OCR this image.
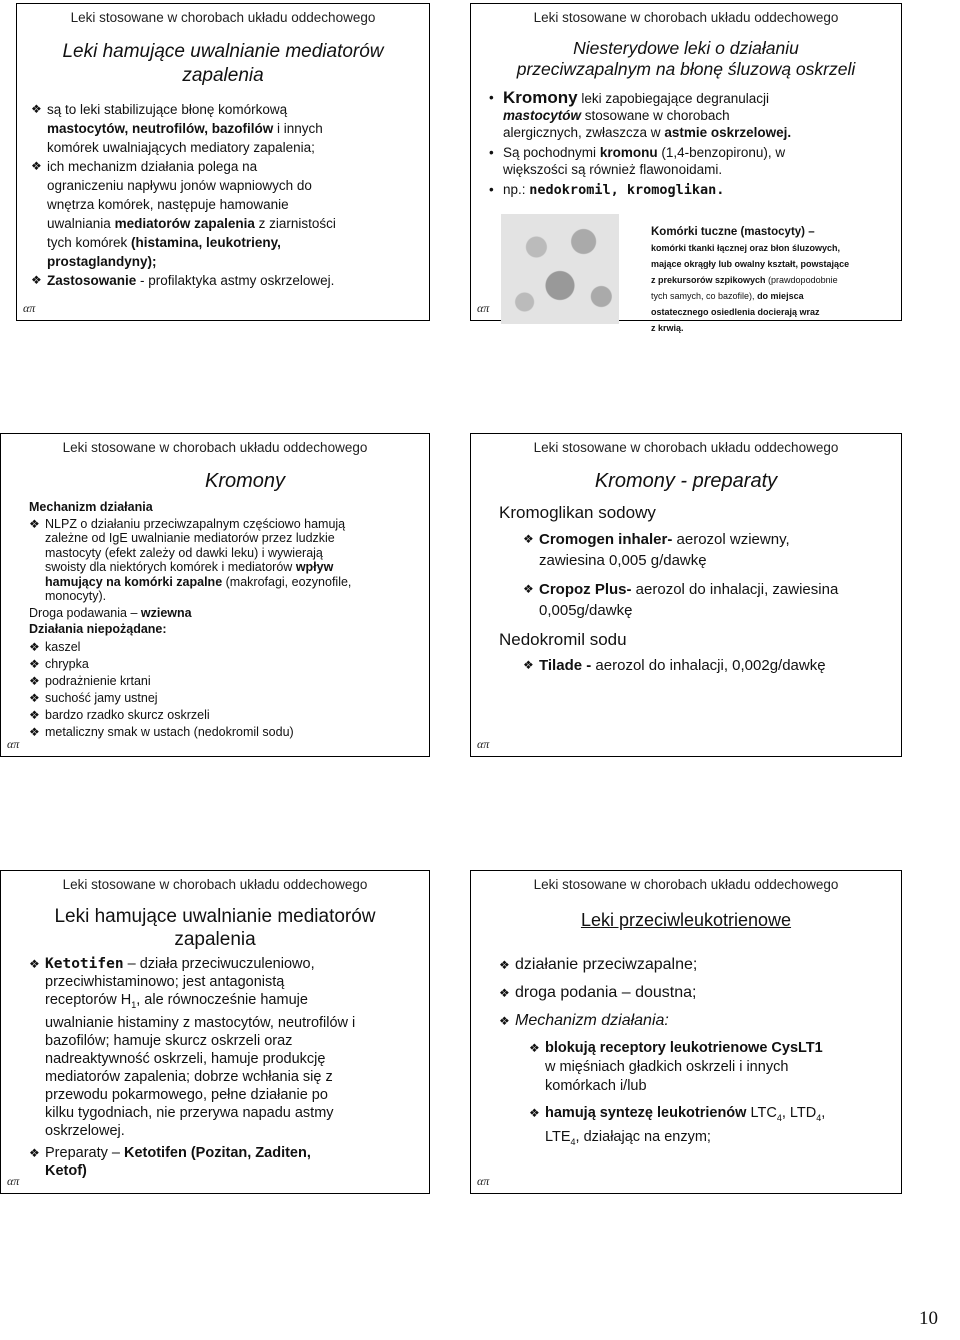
Leki stosowane w chorobach układu oddechowego
Leki hamujące uwalnianie mediatorów
zapalenia
❖
są to leki stabilizujące błonę komórkową
mastocytów, neutrofilów, bazofilów i innych
komórek uwalniających mediatory zapalenia;
❖
ich mechanizm działania polega na
ograniczeniu napływu jonów wapniowych do
wnętrza komórek, następuje hamowanie
uwalniania mediatorów zapalenia z ziarnistości
tych komórek (histamina, leukotrieny,
prostaglandyny);
❖
Zastosowanie - profilaktyka astmy oskrzelowej.
απ
Leki stosowane w chorobach układu oddechowego
Niesterydowe leki o działaniu
przeciwzapalnym na błonę śluzową oskrzeli
•
Kromony leki zapobiegające degranulacji
mastocytów stosowane w chorobach
alergicznych, zwłaszcza w astmie oskrzelowej.
•
Są pochodnymi kromonu (1,4-benzopironu), w
większości są również flawonoidami.
•
np.: nedokromil, kromoglikan.
Komórki tuczne (mastocyty) –
komórki tkanki łącznej oraz błon śluzowych,
mające okrągły lub owalny kształt, powstające
z prekursorów szpikowych (prawdopodobnie
tych samych, co bazofile), do miejsca
ostatecznego osiedlenia docierają wraz
z krwią.
απ
Leki stosowane w chorobach układu oddechowego
Kromony
Mechanizm działania
❖
NLPZ o działaniu przeciwzapalnym częściowo hamują
zależne od IgE uwalnianie mediatorów przez ludzkie
mastocyty (efekt zależy od dawki leku) i wywierają
swoisty dla niektórych komórek i mediatorów wpływ
hamujący na komórki zapalne (makrofagi, eozynofile,
monocyty).
Droga podawania – wziewna
Działania niepożądane:
❖
kaszel
❖
chrypka
❖
podrażnienie krtani
❖
suchość jamy ustnej
❖
bardzo rzadko skurcz oskrzeli
❖
metaliczny smak w ustach (nedokromil sodu)
απ
Leki stosowane w chorobach układu oddechowego
Kromony - preparaty
Kromoglikan sodowy
❖
Cromogen inhaler- aerozol wziewny,
zawiesina 0,005 g/dawkę
❖
Cropoz Plus- aerozol do inhalacji, zawiesina
0,005g/dawkę
Nedokromil sodu
❖
Tilade - aerozol do inhalacji, 0,002g/dawkę
απ
Leki stosowane w chorobach układu oddechowego
Leki hamujące uwalnianie mediatorów
zapalenia
❖
Ketotifen – działa przeciwuczuleniowo,
przeciwhistaminowo; jest antagonistą
receptorów $H_1$, ale równocześnie hamuje
uwalnianie histaminy z mastocytów, neutrofilów i
bazofilów; hamuje skurcz oskrzeli oraz
nadreaktywność oskrzeli, hamuje produkcję
mediatorów zapalenia; dobrze wchłania się z
przewodu pokarmowego, pełne działanie po
kilku tygodniach, nie przerywa napadu astmy
oskrzelowej.
❖
Preparaty – Ketotifen (Pozitan, Zaditen,
Ketof)
απ
Leki stosowane w chorobach układu oddechowego
Leki przeciwleukotrienowe
❖
działanie przeciwzapalne;
❖
droga podania – doustna;
❖
Mechanizm działania:
❖
blokują receptory leukotrienowe CysLT1
w mięśniach gładkich oskrzeli i innych
komórkach i/lub
❖
hamują syntezę leukotrienów $LTC_4$, $LTD_4$,
$LTE_4$, działając na enzym;
απ
10
